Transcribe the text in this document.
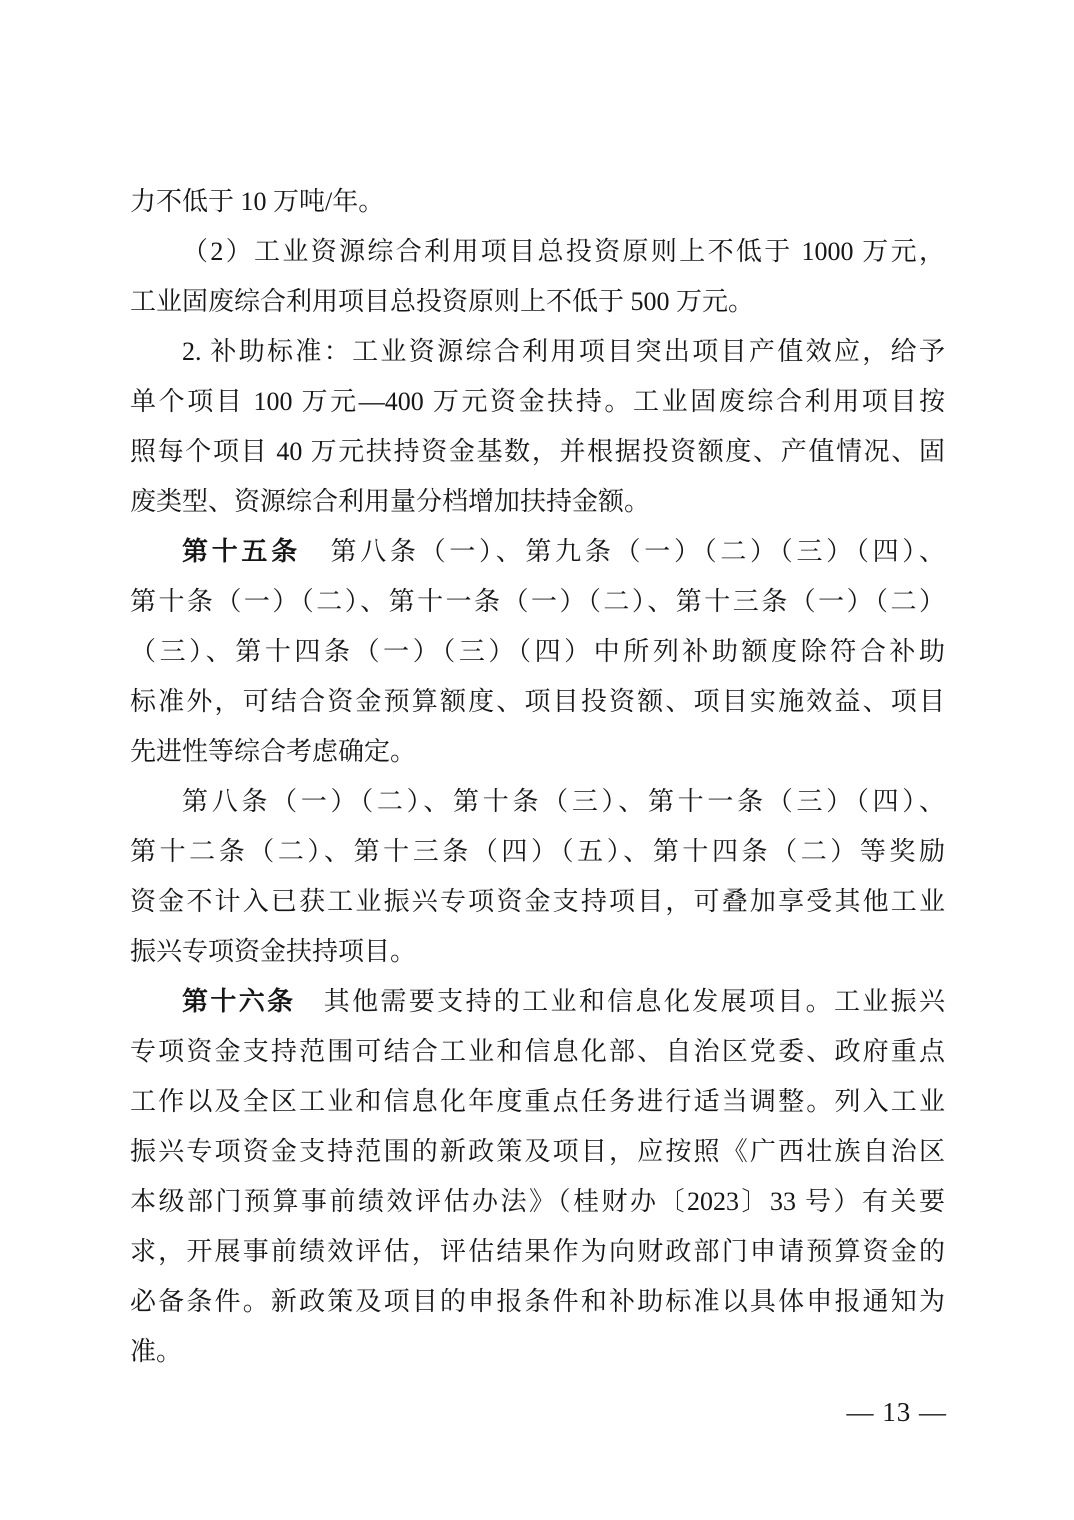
力不低于 10 万吨/年。
（2）工业资源综合利用项目总投资原则上不低于 1000 万元，
工业固废综合利用项目总投资原则上不低于 500 万元。
2. 补助标准：工业资源综合利用项目突出项目产值效应，给予
单个项目 100 万元—400 万元资金扶持。工业固废综合利用项目按
照每个项目 40 万元扶持资金基数，并根据投资额度、产值情况、固
废类型、资源综合利用量分档增加扶持金额。
第十五条　第八条（一）、第九条（一）（二）（三）（四）、
第十条（一）（二）、第十一条（一）（二）、第十三条（一）（二）
（三）、第十四条（一）（三）（四）中所列补助额度除符合补助
标准外，可结合资金预算额度、项目投资额、项目实施效益、项目
先进性等综合考虑确定。
第八条（一）（二）、第十条（三）、第十一条（三）（四）、
第十二条（二）、第十三条（四）（五）、第十四条（二）等奖励
资金不计入已获工业振兴专项资金支持项目，可叠加享受其他工业
振兴专项资金扶持项目。
第十六条　其他需要支持的工业和信息化发展项目。工业振兴
专项资金支持范围可结合工业和信息化部、自治区党委、政府重点
工作以及全区工业和信息化年度重点任务进行适当调整。列入工业
振兴专项资金支持范围的新政策及项目，应按照《广西壮族自治区
本级部门预算事前绩效评估办法》（桂财办〔2023〕33 号）有关要
求，开展事前绩效评估，评估结果作为向财政部门申请预算资金的
必备条件。新政策及项目的申报条件和补助标准以具体申报通知为
准。
— 13 —
